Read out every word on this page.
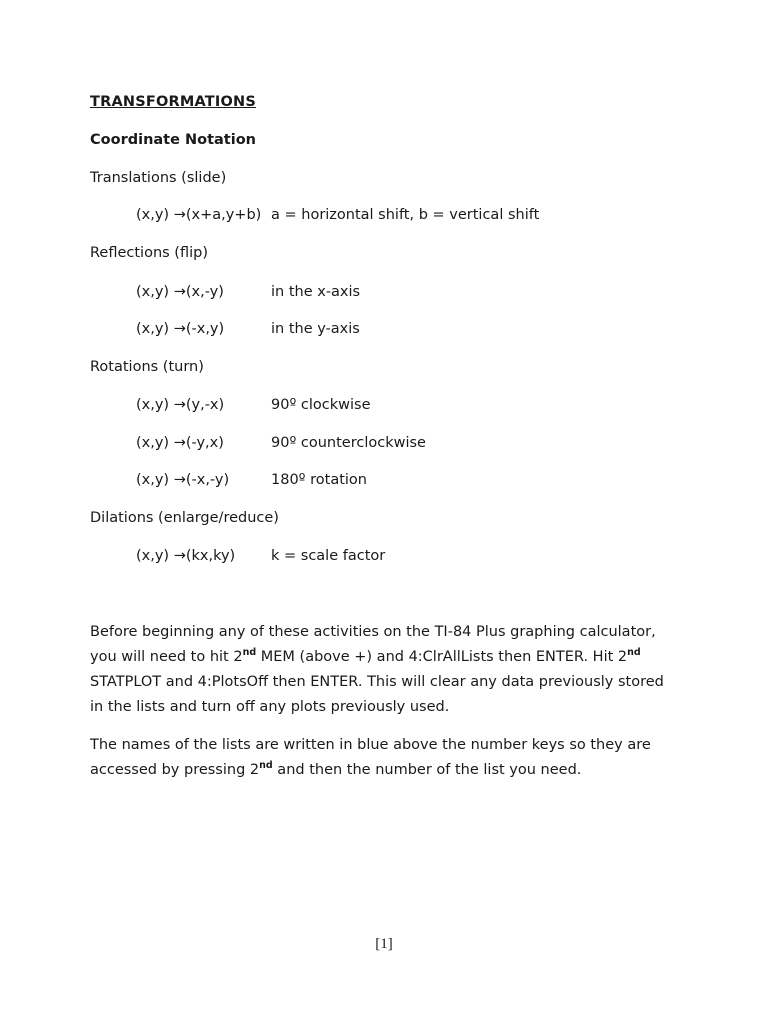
TRANSFORMATIONS
Coordinate Notation
Translations (slide)
(x,y) →(x+a,y+b) a = horizontal shift, b = vertical shift
Reflections (flip)
(x,y) →(x,-y)	in the x-axis
(x,y) →(-x,y)	in the y-axis
Rotations (turn)
(x,y) →(y,-x)	90º clockwise
(x,y) →(-y,x)	90º counterclockwise
(x,y) →(-x,-y)	180º rotation
Dilations (enlarge/reduce)
(x,y) →(kx,ky) k = scale factor
Before beginning any of these activities on the TI-84 Plus graphing calculator, you will need to hit 2nd MEM (above +) and 4:ClrAllLists then ENTER. Hit 2nd STATPLOT and 4:PlotsOff then ENTER. This will clear any data previously stored in the lists and turn off any plots previously used.
The names of the lists are written in blue above the number keys so they are accessed by pressing 2nd and then the number of the list you need.
[1]
